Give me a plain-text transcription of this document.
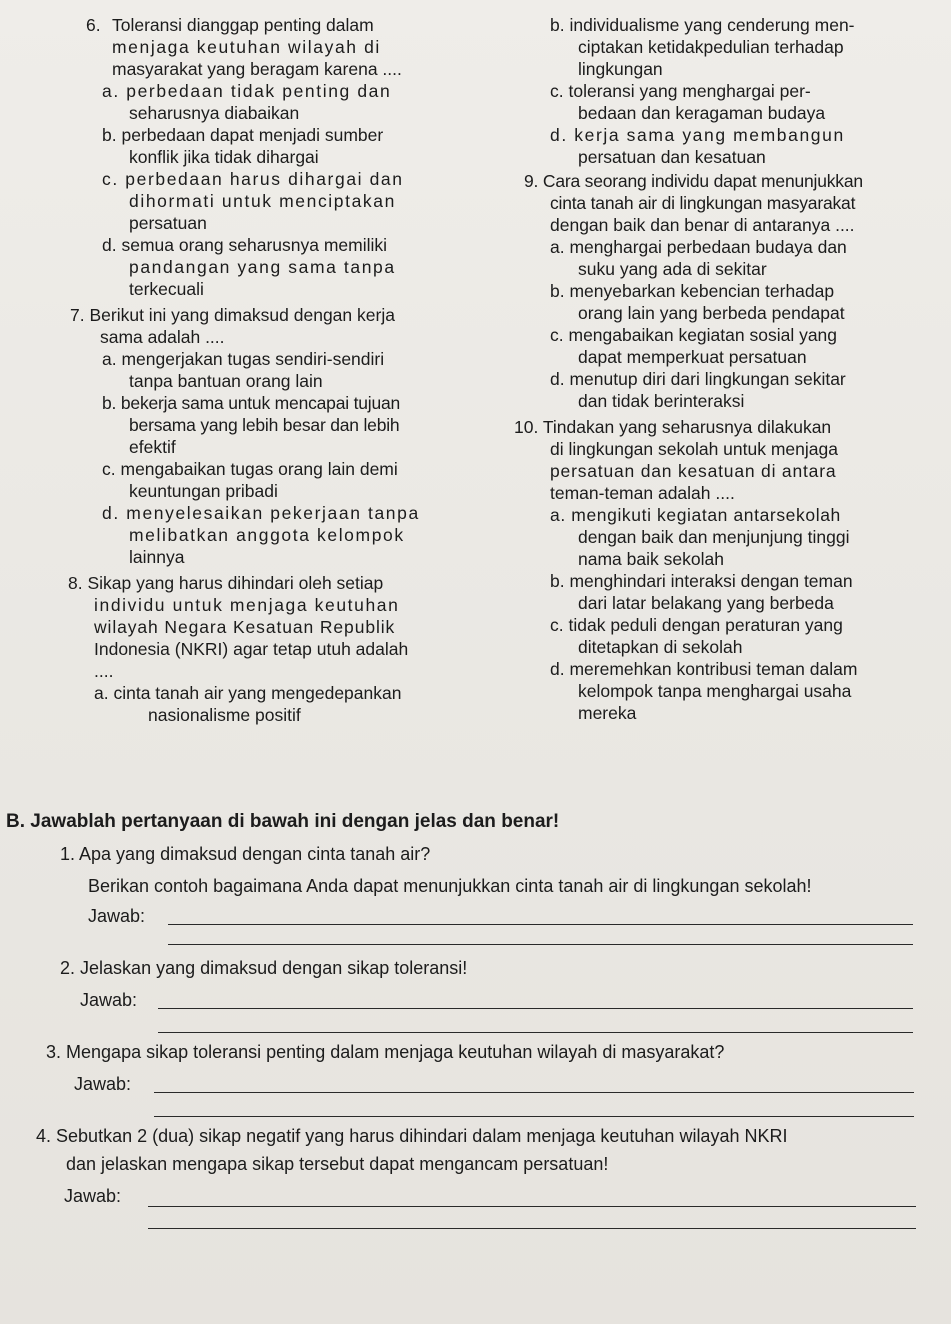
6. Toleransi dianggap penting dalam
menjaga keutuhan wilayah di
masyarakat yang beragam karena ....
a. perbedaan tidak penting dan
seharusnya diabaikan
b. perbedaan dapat menjadi sumber
konflik jika tidak dihargai
c. perbedaan harus dihargai dan
dihormati untuk menciptakan
persatuan
d. semua orang seharusnya memiliki
pandangan yang sama tanpa
terkecuali
7. Berikut ini yang dimaksud dengan kerja
sama adalah ....
a. mengerjakan tugas sendiri-sendiri
tanpa bantuan orang lain
b. bekerja sama untuk mencapai tujuan
bersama yang lebih besar dan lebih
efektif
c. mengabaikan tugas orang lain demi
keuntungan pribadi
d. menyelesaikan pekerjaan tanpa
melibatkan anggota kelompok
lainnya
8. Sikap yang harus dihindari oleh setiap
individu untuk menjaga keutuhan
wilayah Negara Kesatuan Republik
Indonesia (NKRI) agar tetap utuh adalah
....
a. cinta tanah air yang mengedepankan
nasionalisme positif
b. individualisme yang cenderung men-
ciptakan ketidakpedulian terhadap
lingkungan
c. toleransi yang menghargai per-
bedaan dan keragaman budaya
d. kerja sama yang membangun
persatuan dan kesatuan
9. Cara seorang individu dapat menunjukkan
cinta tanah air di lingkungan masyarakat
dengan baik dan benar di antaranya ....
a. menghargai perbedaan budaya dan
suku yang ada di sekitar
b. menyebarkan kebencian terhadap
orang lain yang berbeda pendapat
c. mengabaikan kegiatan sosial yang
dapat memperkuat persatuan
d. menutup diri dari lingkungan sekitar
dan tidak berinteraksi
10. Tindakan yang seharusnya dilakukan
di lingkungan sekolah untuk menjaga
persatuan dan kesatuan di antara
teman-teman adalah ....
a. mengikuti kegiatan antarsekolah
dengan baik dan menjunjung tinggi
nama baik sekolah
b. menghindari interaksi dengan teman
dari latar belakang yang berbeda
c. tidak peduli dengan peraturan yang
ditetapkan di sekolah
d. meremehkan kontribusi teman dalam
kelompok tanpa menghargai usaha
mereka
B. Jawablah pertanyaan di bawah ini dengan jelas dan benar!
1. Apa yang dimaksud dengan cinta tanah air?
Berikan contoh bagaimana Anda dapat menunjukkan cinta tanah air di lingkungan sekolah!
Jawab:
2. Jelaskan yang dimaksud dengan sikap toleransi!
Jawab:
3. Mengapa sikap toleransi penting dalam menjaga keutuhan wilayah di masyarakat?
Jawab:
4. Sebutkan 2 (dua) sikap negatif yang harus dihindari dalam menjaga keutuhan wilayah NKRI
dan jelaskan mengapa sikap tersebut dapat mengancam persatuan!
Jawab:
